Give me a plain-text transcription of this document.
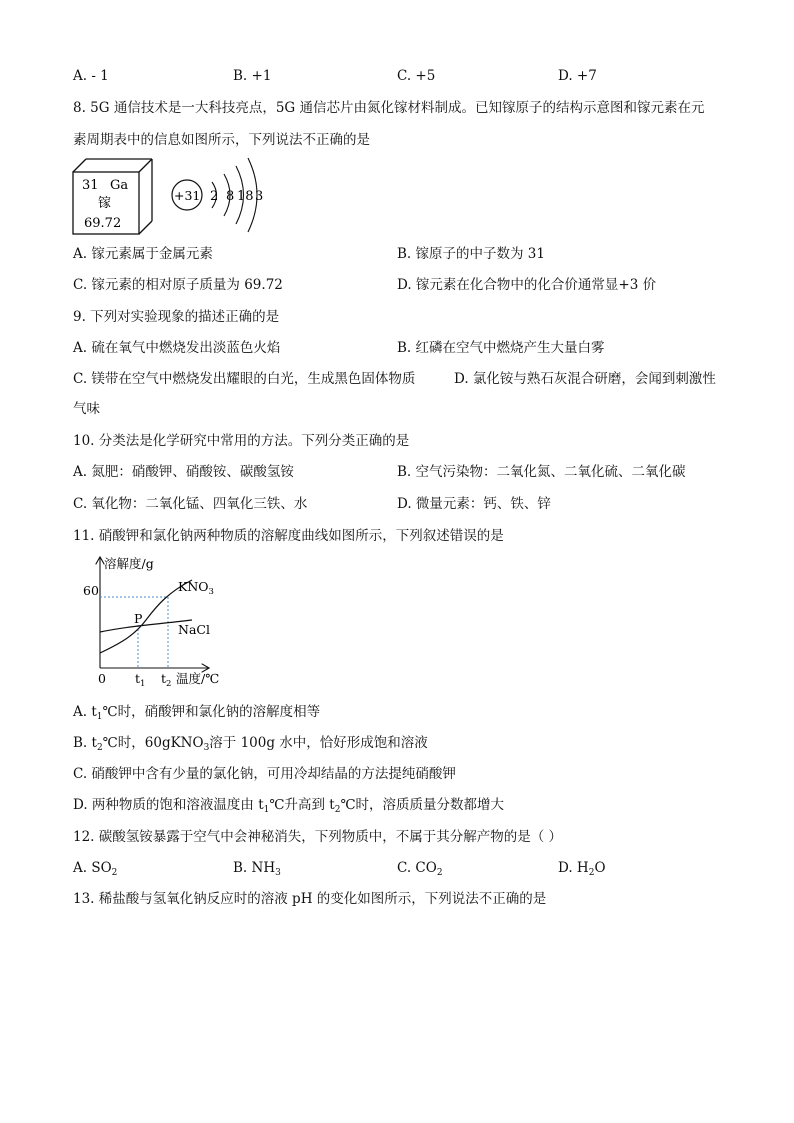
A. - 1	B. +1	C. +5	D. +7
8. 5G 通信技术是一大科技亮点，5G 通信芯片由氮化镓材料制成。已知镓原子的结构示意图和镓元素在元
素周期表中的信息如图所示，下列说法不正确的是
31 Ga
镓
69.72
+31 2 8 18 3
A. 镓元素属于金属元素	B. 镓原子的中子数为 31
C. 镓元素的相对原子质量为 69.72	D. 镓元素在化合物中的化合价通常显+3 价
9. 下列对实验现象的描述正确的是
A. 硫在氧气中燃烧发出淡蓝色火焰	B. 红磷在空气中燃烧产生大量白雾
C. 镁带在空气中燃烧发出耀眼的白光，生成黑色固体物质	D. 氯化铵与熟石灰混合研磨，会闻到刺激性
气味
10. 分类法是化学研究中常用的方法。下列分类正确的是
A. 氮肥：硝酸钾、硝酸铵、碳酸氢铵	B. 空气污染物：二氧化氮、二氧化硫、二氧化碳
C. 氧化物：二氧化锰、四氧化三铁、水	D. 微量元素：钙、铁、锌
11. 硝酸钾和氯化钠两种物质的溶解度曲线如图所示，下列叙述错误的是
溶解度/g
60
0
$KNO_3$
NaCl
P
$t_1$ $t_2$ 温度/℃
A. $t_1℃$时，硝酸钾和氯化钠的溶解度相等
B. $t_2℃$时，60gKNO$_3$溶于 100g 水中，恰好形成饱和溶液
C. 硝酸钾中含有少量的氯化钠，可用冷却结晶的方法提纯硝酸钾
D. 两种物质的饱和溶液温度由 $t_1℃$升高到 $t_2℃$时，溶质质量分数都增大
12. 碳酸氢铵暴露于空气中会神秘消失，下列物质中，不属于其分解产物的是（ ）
A. $SO_2$	B. $NH_3$	C. $CO_2$	D. $H_2O$
13. 稀盐酸与氢氧化钠反应时的溶液 pH 的变化如图所示，下列说法不正确的是
